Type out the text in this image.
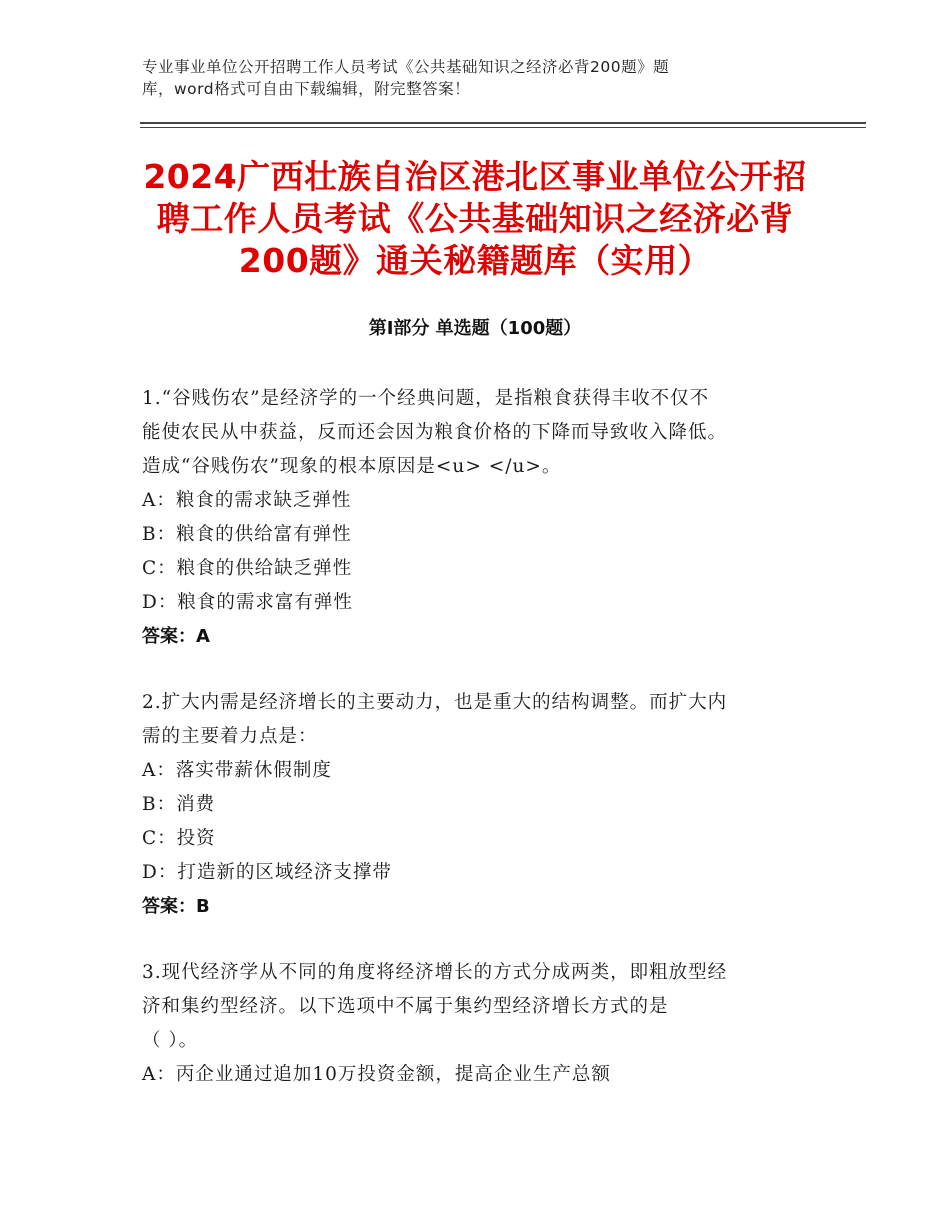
专业事业单位公开招聘工作人员考试《公共基础知识之经济必背200题》题
库，word格式可自由下载编辑，附完整答案！
2024广西壮族自治区港北区事业单位公开招
聘工作人员考试《公共基础知识之经济必背
200题》通关秘籍题库（实用）
第Ⅰ部分 单选题（100题）
1.“谷贱伤农”是经济学的一个经典问题，是指粮食获得丰收不仅不
能使农民从中获益，反而还会因为粮食价格的下降而导致收入降低。
造成“谷贱伤农”现象的根本原因是<u> </u>。
A：粮食的需求缺乏弹性
B：粮食的供给富有弹性
C：粮食的供给缺乏弹性
D：粮食的需求富有弹性
答案：A
2.扩大内需是经济增长的主要动力，也是重大的结构调整。而扩大内
需的主要着力点是：
A：落实带薪休假制度
B：消费
C：投资
D：打造新的区域经济支撑带
答案：B
3.现代经济学从不同的角度将经济增长的方式分成两类，即粗放型经
济和集约型经济。以下选项中不属于集约型经济增长方式的是
（ ）。
A：丙企业通过追加10万投资金额，提高企业生产总额
